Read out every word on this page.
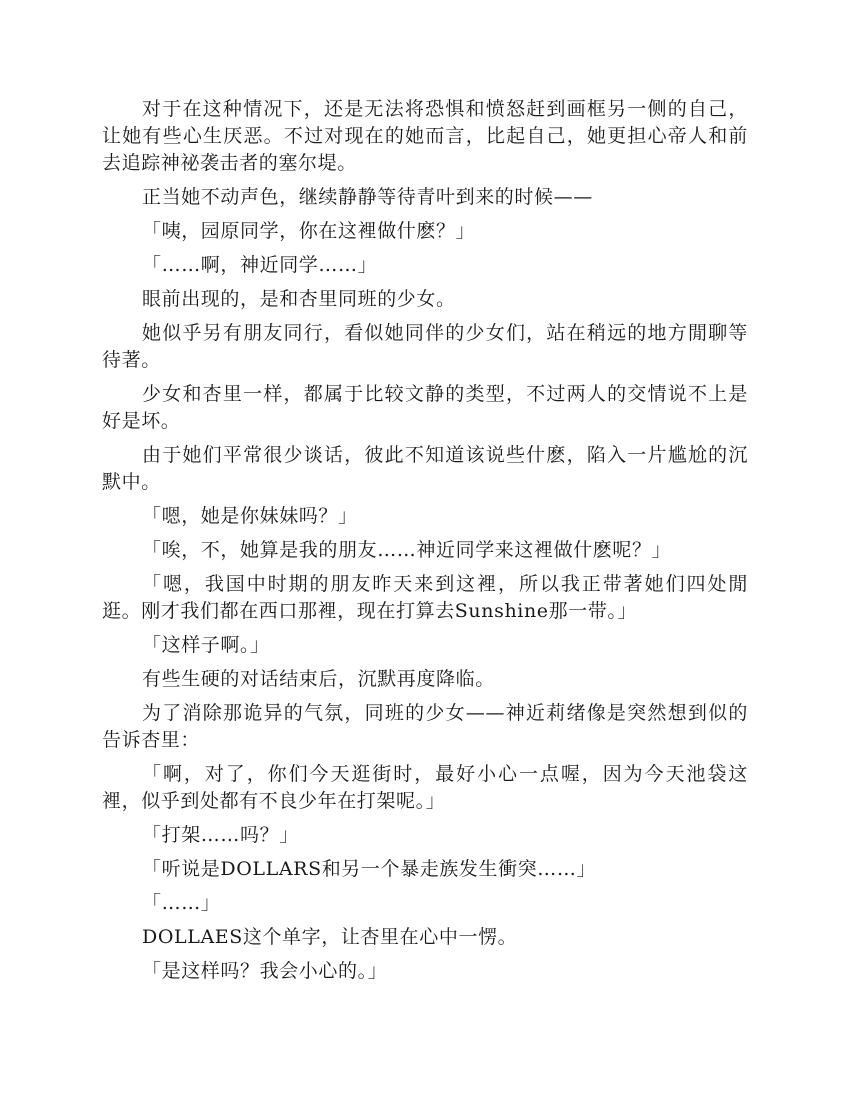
对于在这种情况下，还是无法将恐惧和愤怒赶到画框另一侧的自己，让她有些心生厌恶。不过对现在的她而言，比起自己，她更担心帝人和前去追踪神祕袭击者的塞尔堤。

正当她不动声色，继续静静等待青叶到来的时候——

「咦，园原同学，你在这裡做什麽？」

「……啊，神近同学……」

眼前出现的，是和杏里同班的少女。

她似乎另有朋友同行，看似她同伴的少女们，站在稍远的地方閒聊等待著。

少女和杏里一样，都属于比较文静的类型，不过两人的交情说不上是好是坏。

由于她们平常很少谈话，彼此不知道该说些什麽，陷入一片尴尬的沉默中。

「嗯，她是你妹妹吗？」

「唉，不，她算是我的朋友……神近同学来这裡做什麽呢？」

「嗯，我国中时期的朋友昨天来到这裡，所以我正带著她们四处閒逛。刚才我们都在西口那裡，现在打算去Sunshine那一带。」

「这样子啊。」

有些生硬的对话结束后，沉默再度降临。

为了消除那诡异的气氛，同班的少女——神近莉绪像是突然想到似的告诉杏里：

「啊，对了，你们今天逛街时，最好小心一点喔，因为今天池袋这裡，似乎到处都有不良少年在打架呢。」

「打架……吗？」

「听说是DOLLARS和另一个暴走族发生衝突……」

「……」

DOLLAES这个单字，让杏里在心中一愣。

「是这样吗？我会小心的。」
